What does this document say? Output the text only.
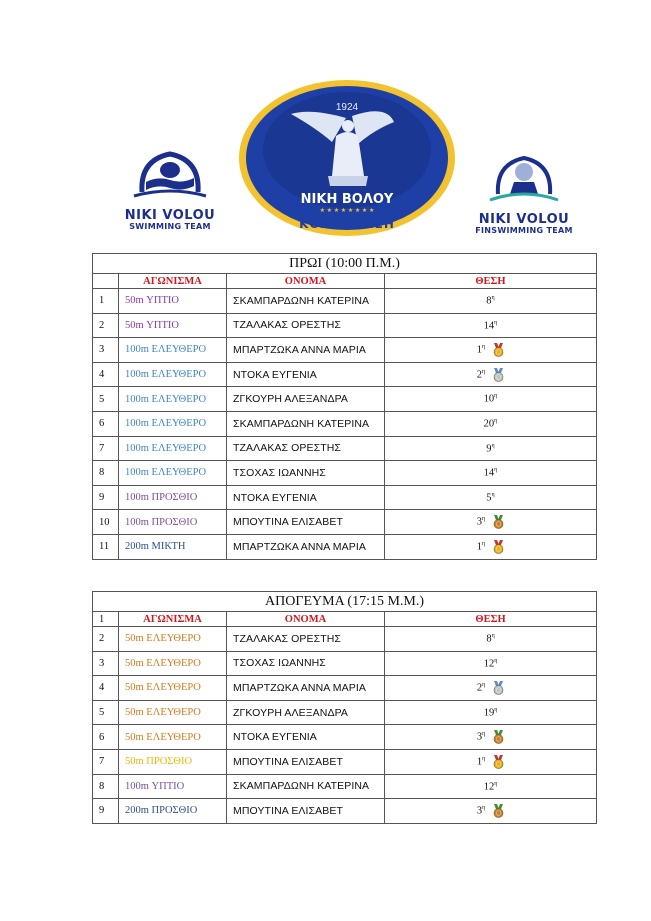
NIKI VOLOU
SWIMMING TEAM
1924
ΝΙΚΗ ΒΟΛΟΥ
★ ★ ★ ★ ★ ★ ★ ★
ΚΟΛΥΜΒΗΣΗ	NIKI VOLOU
FINSWIMMING TEAM
ΠΡΩΙ (10:00 Π.Μ.)			
	ΑΓΩΝΙΣΜΑ	ΟΝΟΜΑ	ΘΕΣΗ
1	50m ΥΠΤΙΟ	ΣΚΑΜΠΑΡΔΩΝΗ ΚΑΤΕΡΙΝΑ	$8^\eta$

2	50m ΥΠΤΙΟ	ΤΖΑΛΑΚΑΣ ΟΡΕΣΤΗΣ	$14^\eta$

3	100m ΕΛΕΥΘΕΡΟ	ΜΠΑΡΤΖΩΚΑ ΑΝΝΑ ΜΑΡΙΑ	$1^\eta$

4	100m ΕΛΕΥΘΕΡΟ	ΝΤΟΚΑ ΕΥΓΕΝΙΑ	$2^\eta$

5	100m ΕΛΕΥΘΕΡΟ	ΖΓΚΟΥΡΗ ΑΛΕΞΑΝΔΡΑ	$10^\eta$

6	100m ΕΛΕΥΘΕΡΟ	ΣΚΑΜΠΑΡΔΩΝΗ ΚΑΤΕΡΙΝΑ	$20^\eta$

7	100m ΕΛΕΥΘΕΡΟ	ΤΖΑΛΑΚΑΣ ΟΡΕΣΤΗΣ	$9^\eta$

8	100m ΕΛΕΥΘΕΡΟ	ΤΣΟΧΑΣ ΙΩΑΝΝΗΣ	$14^\eta$

9	100m ΠΡΟΣΘΙΟ	ΝΤΟΚΑ ΕΥΓΕΝΙΑ	$5^\eta$

10	100m ΠΡΟΣΘΙΟ	ΜΠΟΥΤΙΝΑ ΕΛΙΣΑΒΕΤ	$3^\eta$

11	200m ΜΙΚΤΗ	ΜΠΑΡΤΖΩΚΑ ΑΝΝΑ ΜΑΡΙΑ	$1^\eta$
ΑΠΟΓΕΥΜΑ (17:15 Μ.Μ.)			
1	ΑΓΩΝΙΣΜΑ	ΟΝΟΜΑ	ΘΕΣΗ
2	50m ΕΛΕΥΘΕΡΟ	ΤΖΑΛΑΚΑΣ ΟΡΕΣΤΗΣ	$8^\eta$

3	50m ΕΛΕΥΘΕΡΟ	ΤΣΟΧΑΣ ΙΩΑΝΝΗΣ	$12^\eta$

4	50m ΕΛΕΥΘΕΡΟ	ΜΠΑΡΤΖΩΚΑ ΑΝΝΑ ΜΑΡΙΑ	$2^\eta$

5	50m ΕΛΕΥΘΕΡΟ	ΖΓΚΟΥΡΗ ΑΛΕΞΑΝΔΡΑ	$19^\eta$

6	50m ΕΛΕΥΘΕΡΟ	ΝΤΟΚΑ ΕΥΓΕΝΙΑ	$3^\eta$

7	50m ΠΡΟΣΘΙΟ	ΜΠΟΥΤΙΝΑ ΕΛΙΣΑΒΕΤ	$1^\eta$

8	100m ΥΠΤΙΟ	ΣΚΑΜΠΑΡΔΩΝΗ ΚΑΤΕΡΙΝΑ	$12^\eta$

9	200m ΠΡΟΣΘΙΟ	ΜΠΟΥΤΙΝΑ ΕΛΙΣΑΒΕΤ	$3^\eta$
